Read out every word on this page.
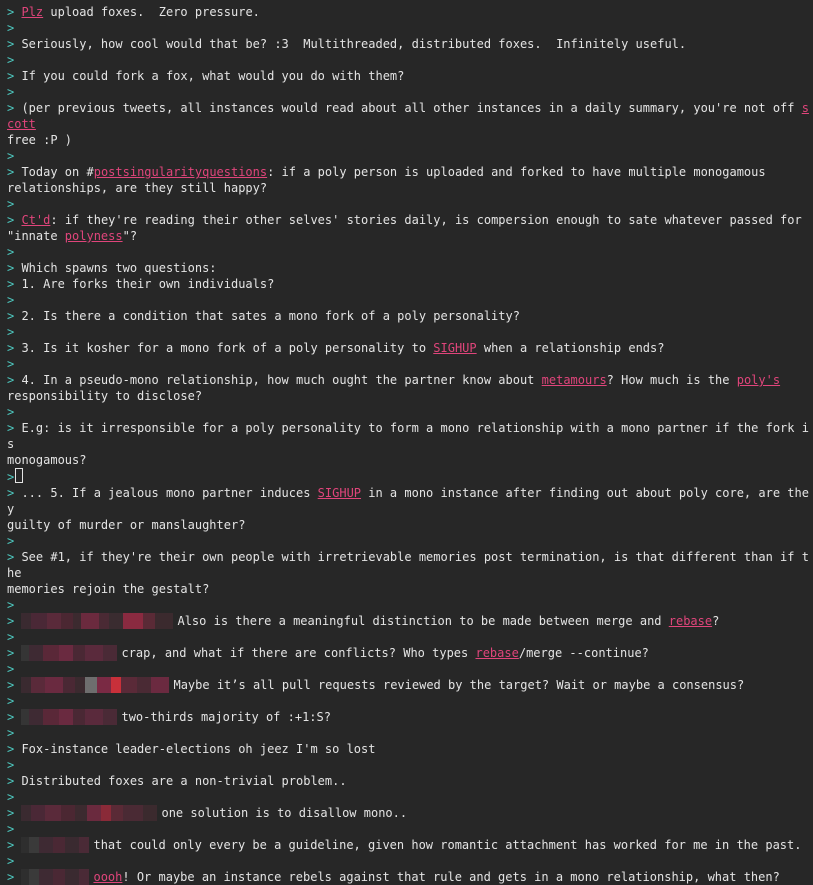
> Plz upload foxes.  Zero pressure.
>
> Seriously, how cool would that be? :3  Multithreaded, distributed foxes.  Infinitely useful.
>
> If you could fork a fox, what would you do with them?
>
> (per previous tweets, all instances would read about all other instances in a daily summary, you're not off scott
free :P )
>
> Today on #postsingularityquestions: if a poly person is uploaded and forked to have multiple monogamous
relationships, are they still happy?
>
> Ct'd: if they're reading their other selves' stories daily, is compersion enough to sate whatever passed for
"innate polyness"?
>
> Which spawns two questions:
> 1. Are forks their own individuals?
>
> 2. Is there a condition that sates a mono fork of a poly personality?
>
> 3. Is it kosher for a mono fork of a poly personality to SIGHUP when a relationship ends?
>
> 4. In a pseudo-mono relationship, how much ought the partner know about metamours? How much is the poly's
responsibility to disclose?
>
> E.g: is it irresponsible for a poly personality to form a mono relationship with a mono partner if the fork is
monogamous?
>
> ... 5. If a jealous mono partner induces SIGHUP in a mono instance after finding out about poly core, are they
guilty of murder or manslaughter?
>
> See #1, if they're their own people with irretrievable memories post termination, is that different than if the
memories rejoin the gestalt?
>
>	Also is there a meaningful distinction to be made between merge and rebase?
>
>	crap, and what if there are conflicts? Who types rebase/merge --continue?
>
>	Maybe it’s all pull requests reviewed by the target? Wait or maybe a consensus?
>
>	two-thirds majority of :+1:S?
>
> Fox-instance leader-elections oh jeez I'm so lost
>
> Distributed foxes are a non-trivial problem..
>
>	one solution is to disallow mono..
>
>	that could only every be a guideline, given how romantic attachment has worked for me in the past.
>
>	oooh! Or maybe an instance rebels against that rule and gets in a mono relationship, what then?
